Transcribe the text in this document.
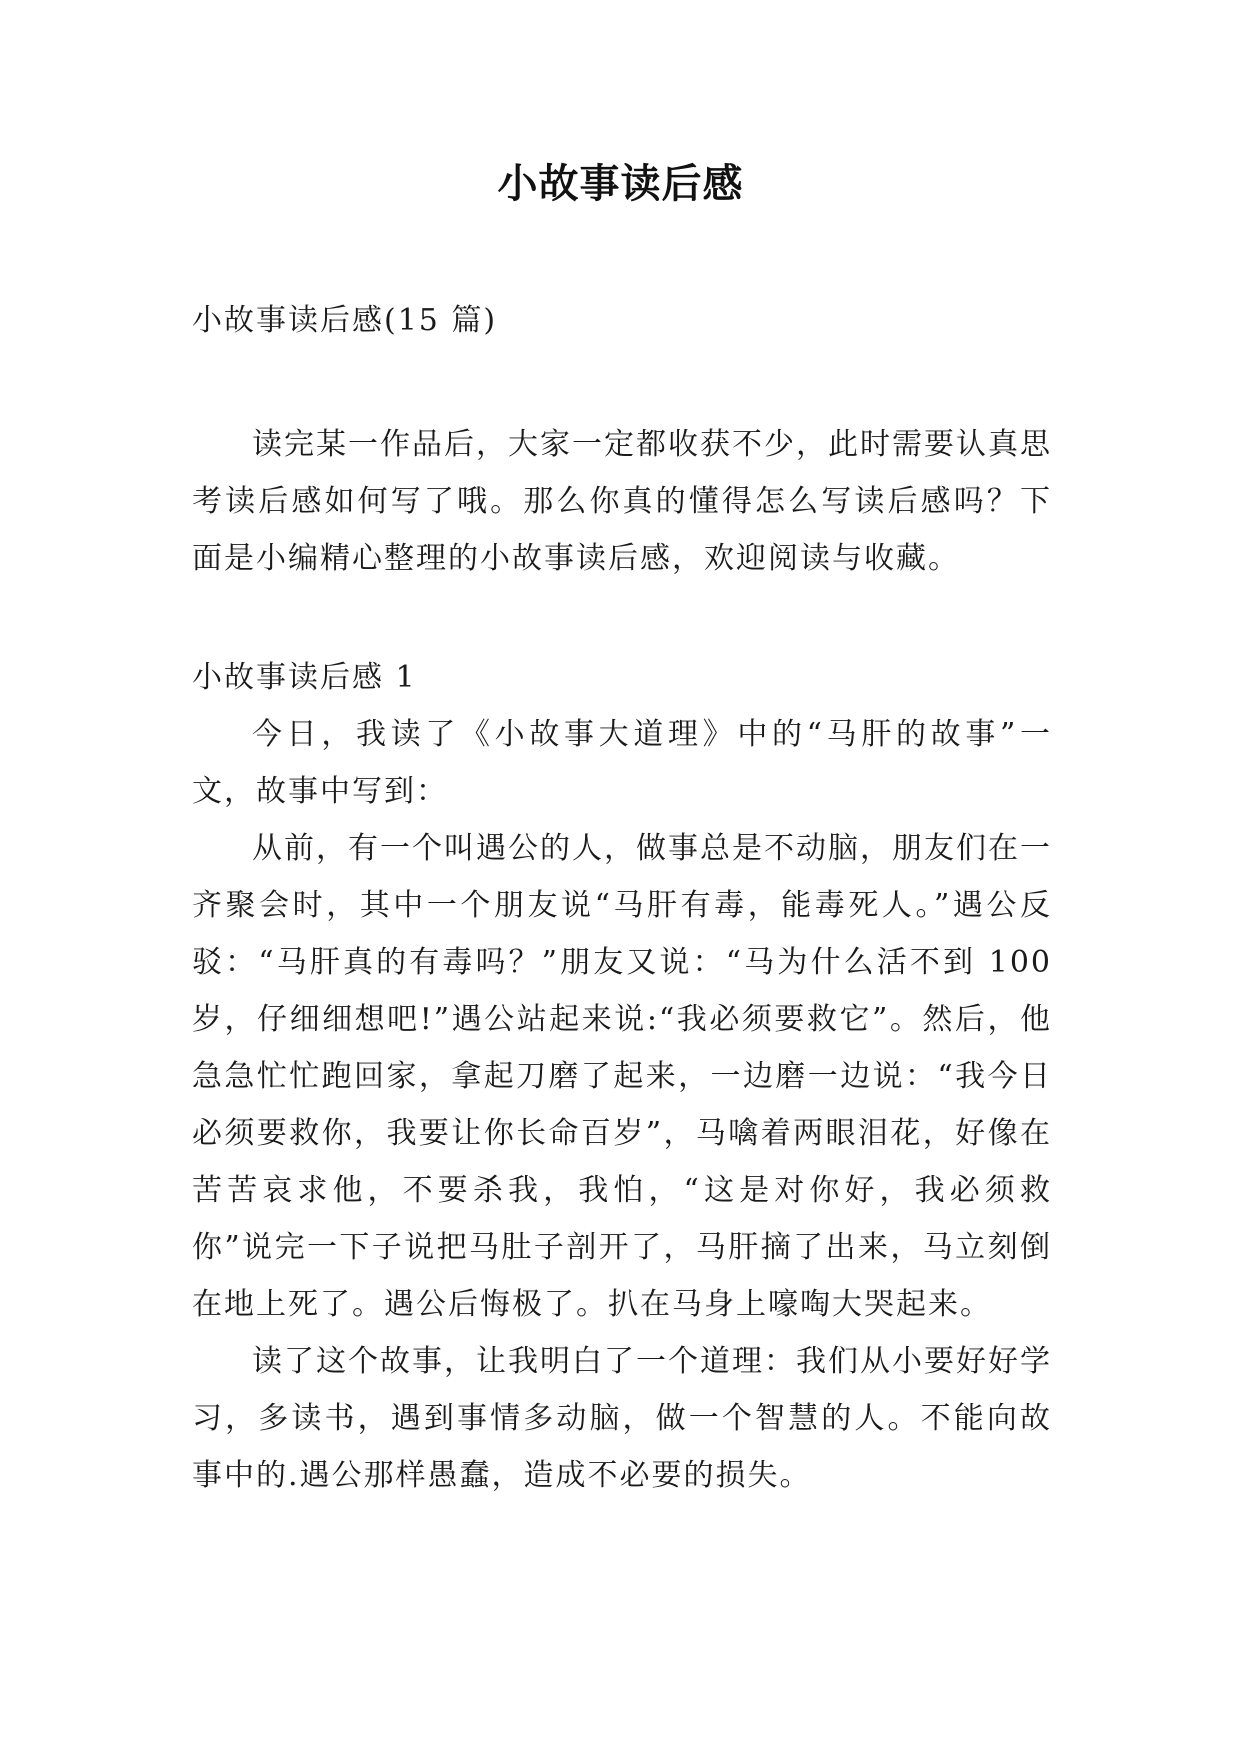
小故事读后感

小故事读后感(15 篇)

读完某一作品后，大家一定都收获不少，此时需要认真思考读后感如何写了哦。那么你真的懂得怎么写读后感吗？下面是小编精心整理的小故事读后感，欢迎阅读与收藏。

小故事读后感 1

今日，我读了《小故事大道理》中的“马肝的故事”一文，故事中写到：

从前，有一个叫遇公的人，做事总是不动脑，朋友们在一齐聚会时，其中一个朋友说“马肝有毒，能毒死人。”遇公反驳：“马肝真的有毒吗？”朋友又说：“马为什么活不到 100 岁，仔细细想吧!”遇公站起来说:“我必须要救它”。然后，他急急忙忙跑回家，拿起刀磨了起来，一边磨一边说：“我今日必须要救你，我要让你长命百岁”，马噙着两眼泪花，好像在苦苦哀求他，不要杀我，我怕，“这是对你好，我必须救你”说完一下子说把马肚子剖开了，马肝摘了出来，马立刻倒在地上死了。遇公后悔极了。扒在马身上嚎啕大哭起来。

读了这个故事，让我明白了一个道理：我们从小要好好学习，多读书，遇到事情多动脑，做一个智慧的人。不能向故事中的.遇公那样愚蠢，造成不必要的损失。
